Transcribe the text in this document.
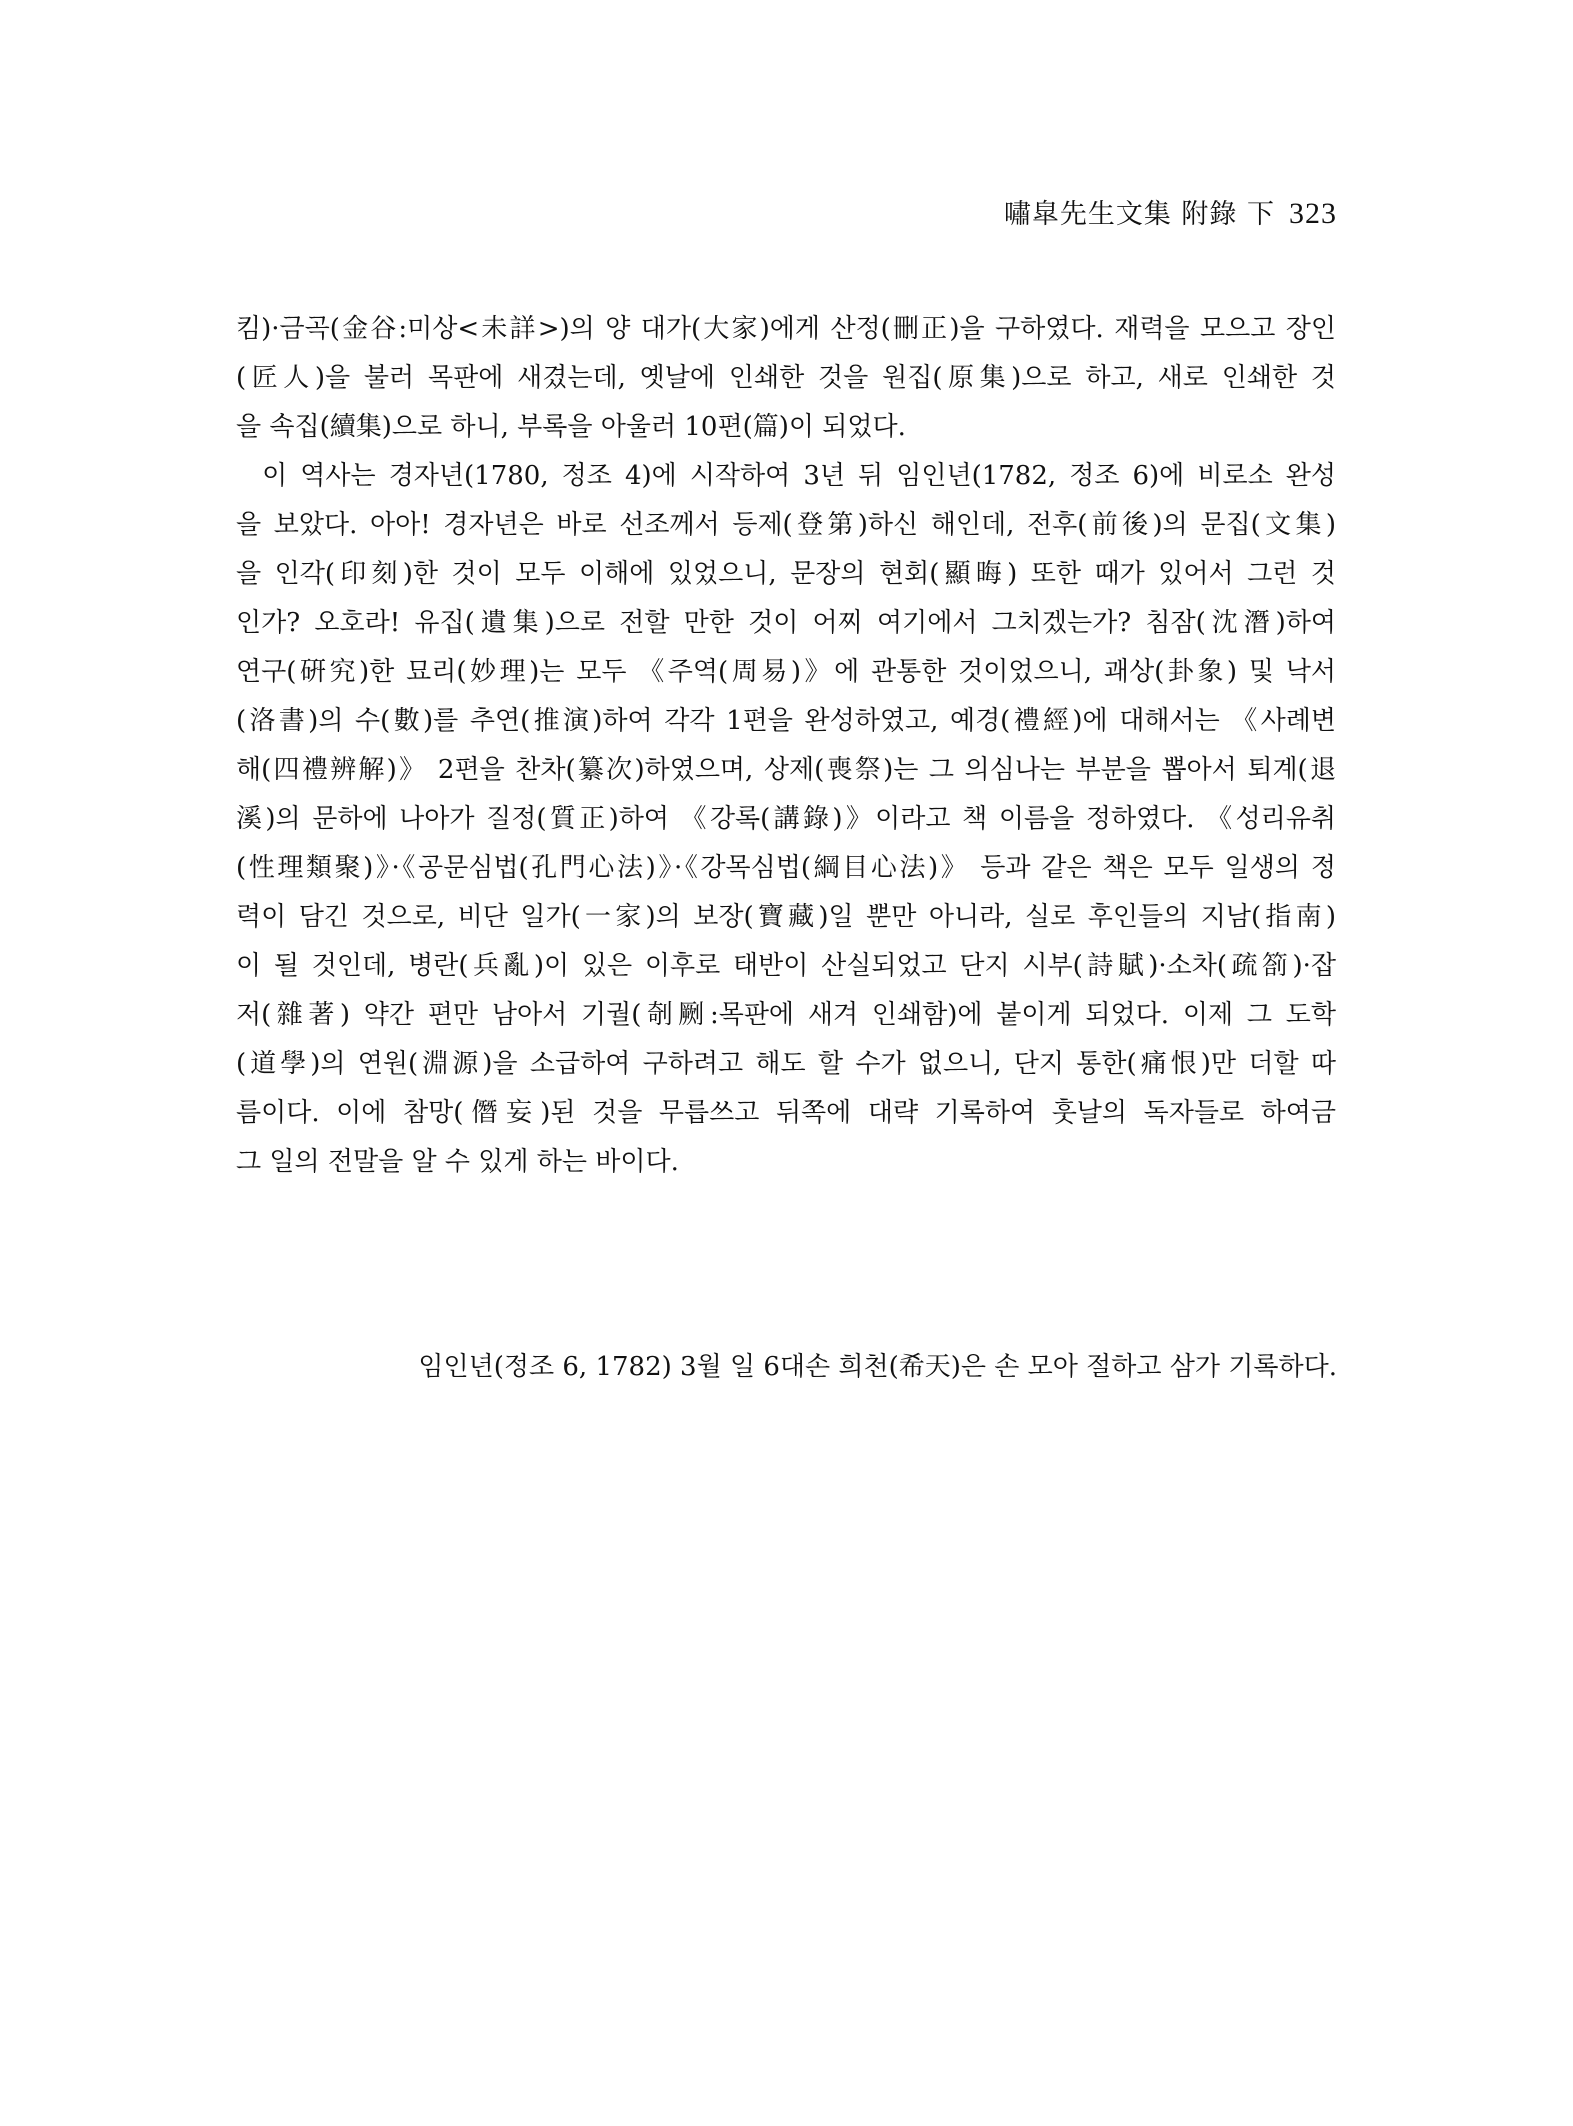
嘯皐先生文集 附錄 下 323
킴)·금곡(金谷:미상<未詳>)의 양 대가(大家)에게 산정(刪正)을 구하였다. 재력을 모으고 장인
(匠人)을 불러 목판에 새겼는데, 옛날에 인쇄한 것을 원집(原集)으로 하고, 새로 인쇄한 것
을 속집(續集)으로 하니, 부록을 아울러 10편(篇)이 되었다.
이 역사는 경자년(1780, 정조 4)에 시작하여 3년 뒤 임인년(1782, 정조 6)에 비로소 완성
을 보았다. 아아! 경자년은 바로 선조께서 등제(登第)하신 해인데, 전후(前後)의 문집(文集)
을 인각(印刻)한 것이 모두 이해에 있었으니, 문장의 현회(顯晦) 또한 때가 있어서 그런 것
인가? 오호라! 유집(遺集)으로 전할 만한 것이 어찌 여기에서 그치겠는가? 침잠(沈潛)하여
연구(硏究)한 묘리(妙理)는 모두 《주역(周易)》에 관통한 것이었으니, 괘상(卦象) 및 낙서
(洛書)의 수(數)를 추연(推演)하여 각각 1편을 완성하였고, 예경(禮經)에 대해서는 《사례변
해(四禮辨解)》 2편을 찬차(纂次)하였으며, 상제(喪祭)는 그 의심나는 부분을 뽑아서 퇴계(退
溪)의 문하에 나아가 질정(質正)하여 《강록(講錄)》이라고 책 이름을 정하였다. 《성리유취
(性理類聚)》·《공문심법(孔門心法)》·《강목심법(綱目心法)》 등과 같은 책은 모두 일생의 정
력이 담긴 것으로, 비단 일가(一家)의 보장(寶藏)일 뿐만 아니라, 실로 후인들의 지남(指南)
이 될 것인데, 병란(兵亂)이 있은 이후로 태반이 산실되었고 단지 시부(詩賦)·소차(疏箚)·잡
저(雜著) 약간 편만 남아서 기궐(剞劂:목판에 새겨 인쇄함)에 붙이게 되었다. 이제 그 도학
(道學)의 연원(淵源)을 소급하여 구하려고 해도 할 수가 없으니, 단지 통한(痛恨)만 더할 따
름이다. 이에 참망(僭妄)된 것을 무릅쓰고 뒤쪽에 대략 기록하여 훗날의 독자들로 하여금
그 일의 전말을 알 수 있게 하는 바이다.
임인년(정조 6, 1782) 3월 일 6대손 희천(希天)은 손 모아 절하고 삼가 기록하다.
